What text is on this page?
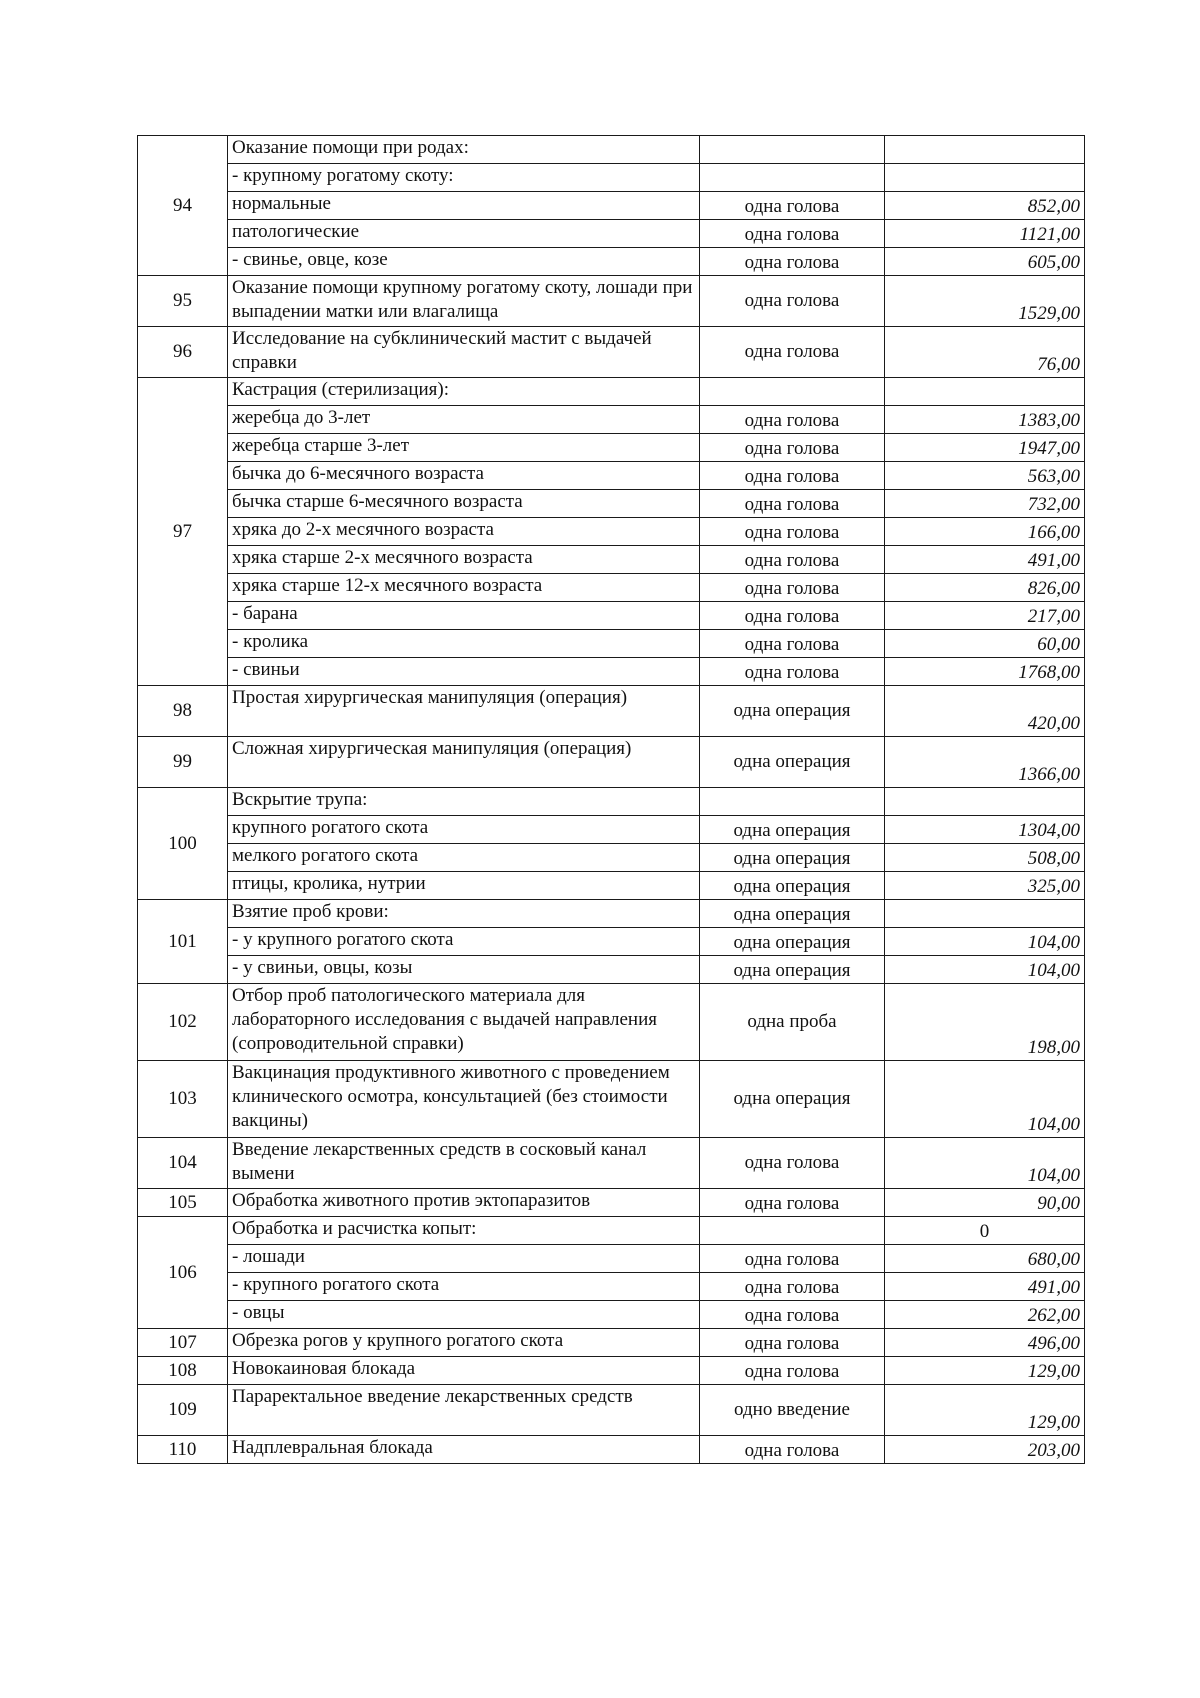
94	Оказание помощи при родах:		
	- крупному рогатому скоту:		
	нормальные	одна голова	852,00
	патологические	одна голова	1121,00
	- свинье, овце, козе	одна голова	605,00
95	Оказание помощи крупному рогатому скоту, лошади при выпадении матки или влагалища	одна голова	1529,00
96	Исследование на субклинический мастит с выдачей справки	одна голова	76,00
97	Кастрация (стерилизация):		
	жеребца до 3-лет	одна голова	1383,00
	жеребца старше 3-лет	одна голова	1947,00
	бычка до 6-месячного возраста	одна голова	563,00
	бычка старше 6-месячного возраста	одна голова	732,00
	хряка до 2-х месячного возраста	одна голова	166,00
	хряка старше 2-х месячного возраста	одна голова	491,00
	хряка старше 12-х месячного возраста	одна голова	826,00
	- барана	одна голова	217,00
	- кролика	одна голова	60,00
	- свиньи	одна голова	1768,00
98	Простая хирургическая манипуляция (операция)	одна операция	420,00
99	Сложная хирургическая манипуляция (операция)	одна операция	1366,00
100	Вскрытие трупа:		
	крупного рогатого скота	одна операция	1304,00
	мелкого рогатого скота	одна операция	508,00
	птицы, кролика, нутрии	одна операция	325,00
101	Взятие проб крови:	одна операция	
	- у крупного рогатого скота	одна операция	104,00
	- у свиньи, овцы, козы	одна операция	104,00
102	Отбор проб патологического материала для лабораторного исследования с выдачей направления (сопроводительной справки)	одна проба	198,00
103	Вакцинация продуктивного животного с проведением клинического осмотра, консультацией (без стоимости вакцины)	одна операция	104,00
104	Введение лекарственных средств в сосковый канал вымени	одна голова	104,00
105	Обработка животного против эктопаразитов	одна голова	90,00
106	Обработка и расчистка копыт:		0
	- лошади	одна голова	680,00
	- крупного рогатого скота	одна голова	491,00
	- овцы	одна голова	262,00
107	Обрезка рогов у крупного рогатого скота	одна голова	496,00
108	Новокаиновая блокада	одна голова	129,00
109	Параректальное введение лекарственных средств	одно введение	129,00
110	Надплевральная блокада	одна голова	203,00
